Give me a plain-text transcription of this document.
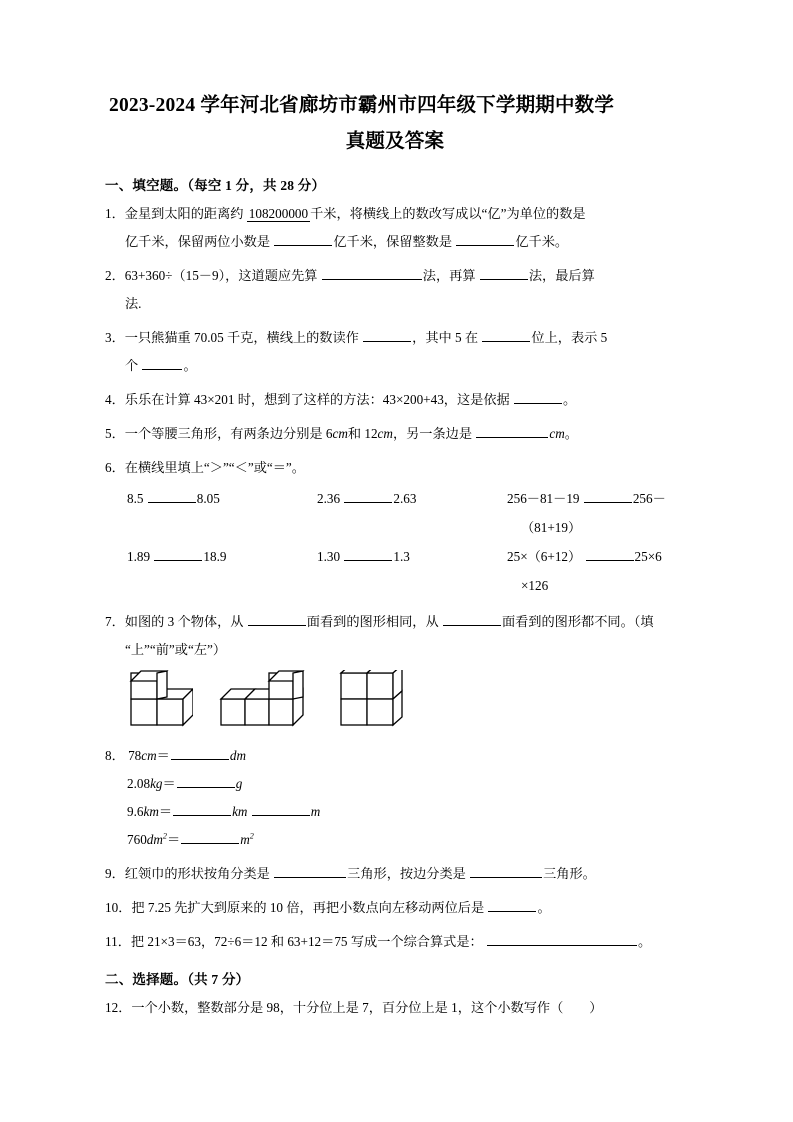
2023-2024 学年河北省廊坊市霸州市四年级下学期期中数学
真题及答案
一、填空题。（每空 1 分，共 28 分）
1．金星到太阳的距离约 108200000 千米，将横线上的数改写成以“亿”为单位的数是
亿千米，保留两位小数是	亿千米，保留整数是	亿千米。
2．63+360÷（15－9），这道题应先算	法，再算	法，最后算
法.
3．一只熊猫重 70.05 千克，横线上的数读作	，其中 5 在	位上，表示 5
个	。
4．乐乐在计算 43×201 时，想到了这样的方法：43×200+43，这是依据	。
5．一个等腰三角形，有两条边分别是 6cm和 12cm，另一条边是	cm。
6．在横线里填上“＞”“＜”或“＝”。
8.5	8.05	2.36	2.63	256－81－19	256－
（81+19）
1.89	18.9	1.30	1.3	25×（6+12）	25×6
×126
7．如图的 3 个物体，从	面看到的图形相同，从	面看到的图形都不同。（填
“上”“前”或“左”）
8． 78cm＝	dm
2.08kg＝	g
9.6km＝	km	m
$760dm^2=$	$m^2$
9．红领巾的形状按角分类是	三角形，按边分类是	三角形。
10．把 7.25 先扩大到原来的 10 倍，再把小数点向左移动两位后是	。
11．把 21×3＝63，72÷6＝12 和 63+12＝75 写成一个综合算式是：	。
二、选择题。（共 7 分）
12．一个小数，整数部分是 98，十分位上是 7，百分位上是 1，这个小数写作（ ）
